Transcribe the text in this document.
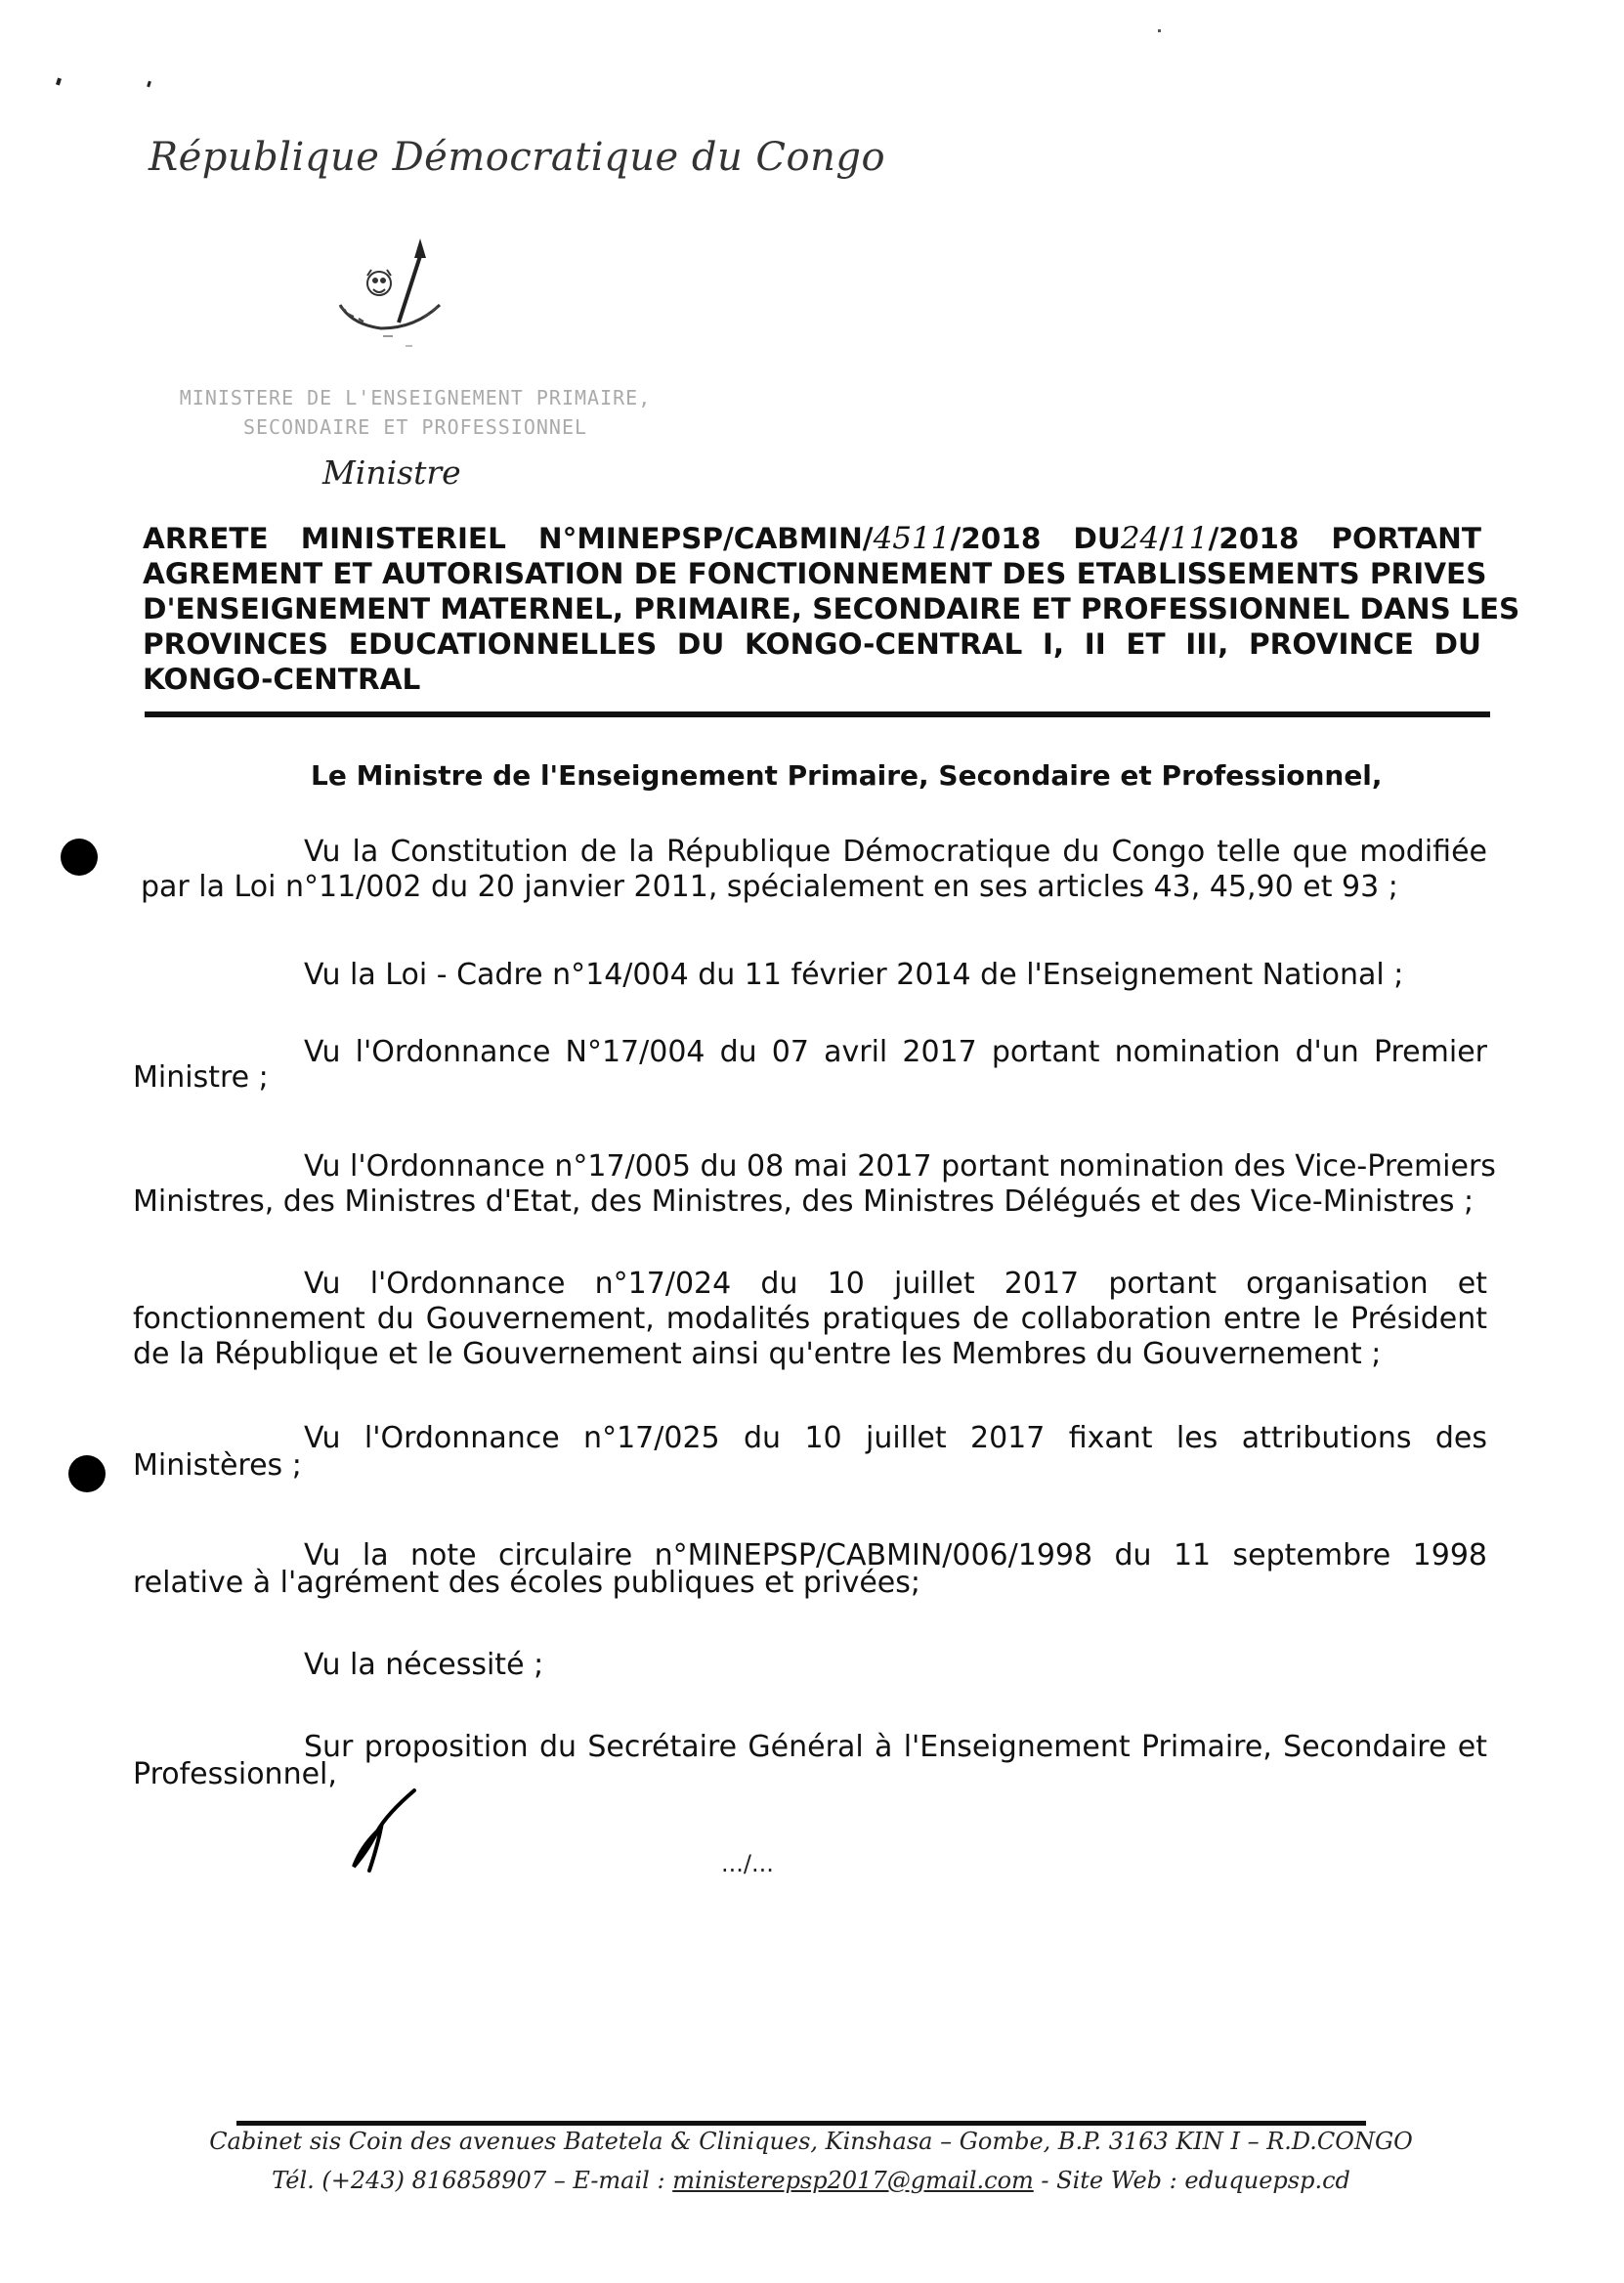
République Démocratique du Congo
MINISTERE DE L'ENSEIGNEMENT PRIMAIRE,
SECONDAIRE ET PROFESSIONNEL
Ministre
ARRETE MINISTERIEL N°MINEPSP/CABMIN/4511/2018 DU24/11/2018 PORTANT
AGREMENT ET AUTORISATION DE FONCTIONNEMENT DES ETABLISSEMENTS PRIVES
D'ENSEIGNEMENT MATERNEL, PRIMAIRE, SECONDAIRE ET PROFESSIONNEL DANS LES
PROVINCES EDUCATIONNELLES DU KONGO-CENTRAL I, II ET III, PROVINCE DU
KONGO-CENTRAL
Le Ministre de l'Enseignement Primaire, Secondaire et Professionnel,
Vu la Constitution de la République Démocratique du Congo telle que modifiée
par la Loi n°11/002 du 20 janvier 2011, spécialement en ses articles 43, 45,90 et 93 ;
Vu la Loi - Cadre n°14/004 du 11 février 2014 de l'Enseignement National ;
Vu l'Ordonnance N°17/004 du 07 avril 2017 portant nomination d'un Premier
Ministre ;
Vu l'Ordonnance n°17/005 du 08 mai 2017 portant nomination des Vice-Premiers
Ministres, des Ministres d'Etat, des Ministres, des Ministres Délégués et des Vice-Ministres ;
Vu l'Ordonnance n°17/024 du 10 juillet 2017 portant organisation et
fonctionnement du Gouvernement, modalités pratiques de collaboration entre le Président
de la République et le Gouvernement ainsi qu'entre les Membres du Gouvernement ;
Vu l'Ordonnance n°17/025 du 10 juillet 2017 fixant les attributions des
Ministères ;
Vu la note circulaire n°MINEPSP/CABMIN/006/1998 du 11 septembre 1998
relative à l'agrément des écoles publiques et privées;
Vu la nécessité ;
Sur proposition du Secrétaire Général à l'Enseignement Primaire, Secondaire et
Professionnel,
.../...
Cabinet sis Coin des avenues Batetela & Cliniques, Kinshasa – Gombe, B.P. 3163 KIN I – R.D.CONGO
Tél. (+243) 816858907 – E-mail : ministerepsp2017@gmail.com - Site Web : eduquepsp.cd
